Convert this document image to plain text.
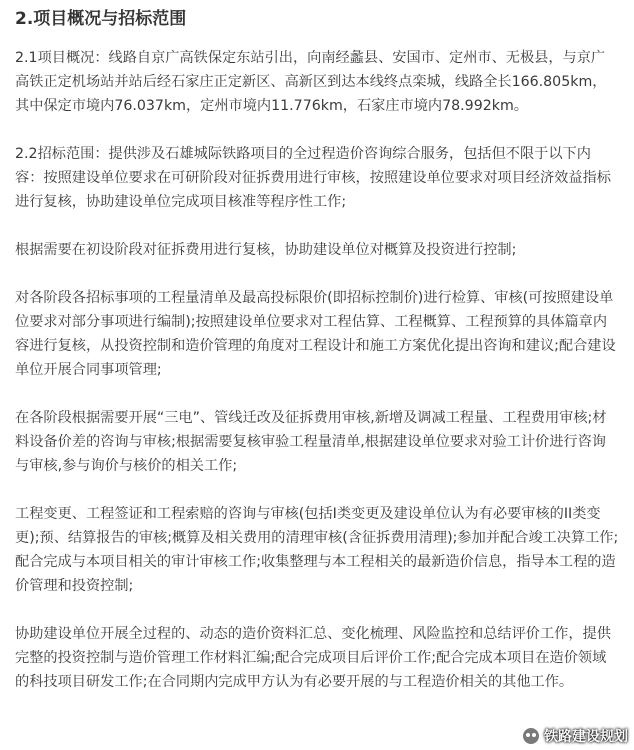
2.项目概况与招标范围

2.1项目概况：线路自京广高铁保定东站引出，向南经蠡县、安国市、定州市、无极县，与京广高铁正定机场站并站后经石家庄正定新区、高新区到达本线终点栾城，线路全长166.805km，其中保定市境内76.037km，定州市境内11.776km，石家庄市境内78.992km。

2.2招标范围：提供涉及石雄城际铁路项目的全过程造价咨询综合服务，包括但不限于以下内容：按照建设单位要求在可研阶段对征拆费用进行审核，按照建设单位要求对项目经济效益指标进行复核，协助建设单位完成项目核准等程序性工作;

根据需要在初设阶段对征拆费用进行复核，协助建设单位对概算及投资进行控制;

对各阶段各招标事项的工程量清单及最高投标限价(即招标控制价)进行检算、审核(可按照建设单位要求对部分事项进行编制);按照建设单位要求对工程估算、工程概算、工程预算的具体篇章内容进行复核，从投资控制和造价管理的角度对工程设计和施工方案优化提出咨询和建议;配合建设单位开展合同事项管理;

在各阶段根据需要开展“三电”、管线迁改及征拆费用审核,新增及调减工程量、工程费用审核;材料设备价差的咨询与审核;根据需要复核审验工程量清单,根据建设单位要求对验工计价进行咨询与审核,参与询价与核价的相关工作;

工程变更、工程签证和工程索赔的咨询与审核(包括I类变更及建设单位认为有必要审核的II类变更);预、结算报告的审核;概算及相关费用的清理审核(含征拆费用清理);参加并配合竣工决算工作;配合完成与本项目相关的审计审核工作;收集整理与本工程相关的最新造价信息，指导本工程的造价管理和投资控制;

协助建设单位开展全过程的、动态的造价资料汇总、变化梳理、风险监控和总结评价工作，提供完整的投资控制与造价管理工作材料汇编;配合完成项目后评价工作;配合完成本项目在造价领域的科技项目研发工作;在合同期内完成甲方认为有必要开展的与工程造价相关的其他工作。

铁路建设规划
